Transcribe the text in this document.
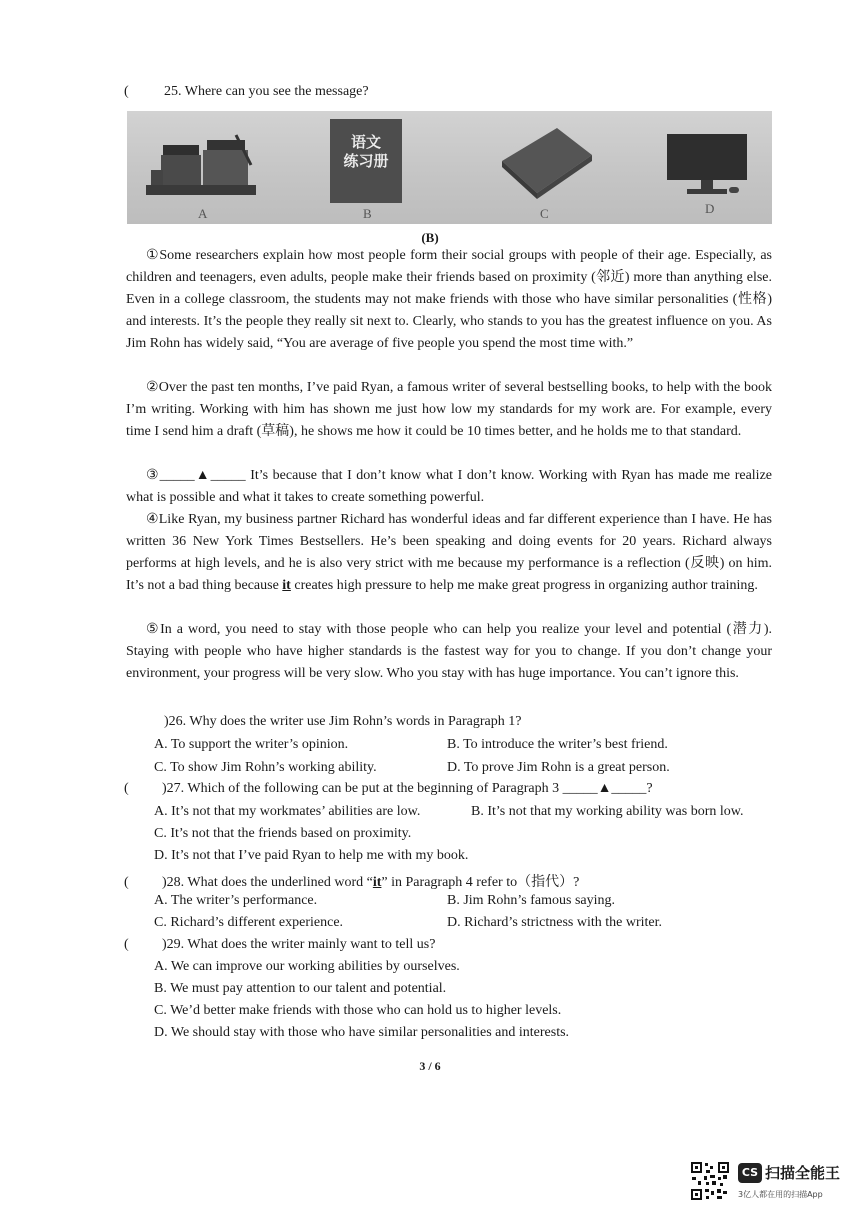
(	25. Where can you see the message?
A
语文
练习册
B	C	D
(B)

①Some researchers explain how most people form their social groups with people of their age. Especially, as children and teenagers, even adults, people make their friends based on proximity (邻近) more than anything else. Even in a college classroom, the students may not make friends with those who have similar personalities (性格) and interests. It’s the people they really sit next to. Clearly, who stands to you has the greatest influence on you. As Jim Rohn has widely said, “You are average of five people you spend the most time with.”

②Over the past ten months, I’ve paid Ryan, a famous writer of several bestselling books, to help with the book I’m writing. Working with him has shown me just how low my standards for my work are. For example, every time I send him a draft (草稿), he shows me how it could be 10 times better, and he holds me to that standard.

③_____▲_____ It’s because that I don’t know what I don’t know. Working with Ryan has made me realize what is possible and what it takes to create something powerful.

④Like Ryan, my business partner Richard has wonderful ideas and far different experience than I have. He has written 36 New York Times Bestsellers. He’s been speaking and doing events for 20 years. Richard always performs at high levels, and he is also very strict with me because my performance is a reflection (反映) on him. It’s not a bad thing because it creates high pressure to help me make great progress in organizing author training.

⑤In a word, you need to stay with those people who can help you realize your level and potential (潜力). Staying with people who have higher standards is the fastest way for you to change. If you don’t change your environment, your progress will be very slow. Who you stay with has huge importance. You can’t ignore this.

)26. Why does the writer use Jim Rohn’s words in Paragraph 1?
A. To support the writer’s opinion.	B. To introduce the writer’s best friend.
C. To show Jim Rohn’s working ability.	D. To prove Jim Rohn is a great person.
( )27. Which of the following can be put at the beginning of Paragraph 3 _____▲_____?
A. It’s not that my workmates’ abilities are low.	B. It’s not that my working ability was born low.
C. It’s not that the friends based on proximity.
D. It’s not that I’ve paid Ryan to help me with my book.
( )28. What does the underlined word “it” in Paragraph 4 refer to（指代）?
A. The writer’s performance.	B. Jim Rohn’s famous saying.
C. Richard’s different experience.	D. Richard’s strictness with the writer.
( )29. What does the writer mainly want to tell us?
A. We can improve our working abilities by ourselves.
B. We must pay attention to our talent and potential.
C. We’d better make friends with those who can hold us to higher levels.
D. We should stay with those who have similar personalities and interests.
3 / 6
CS 扫描全能王
3亿人都在用的扫描App
